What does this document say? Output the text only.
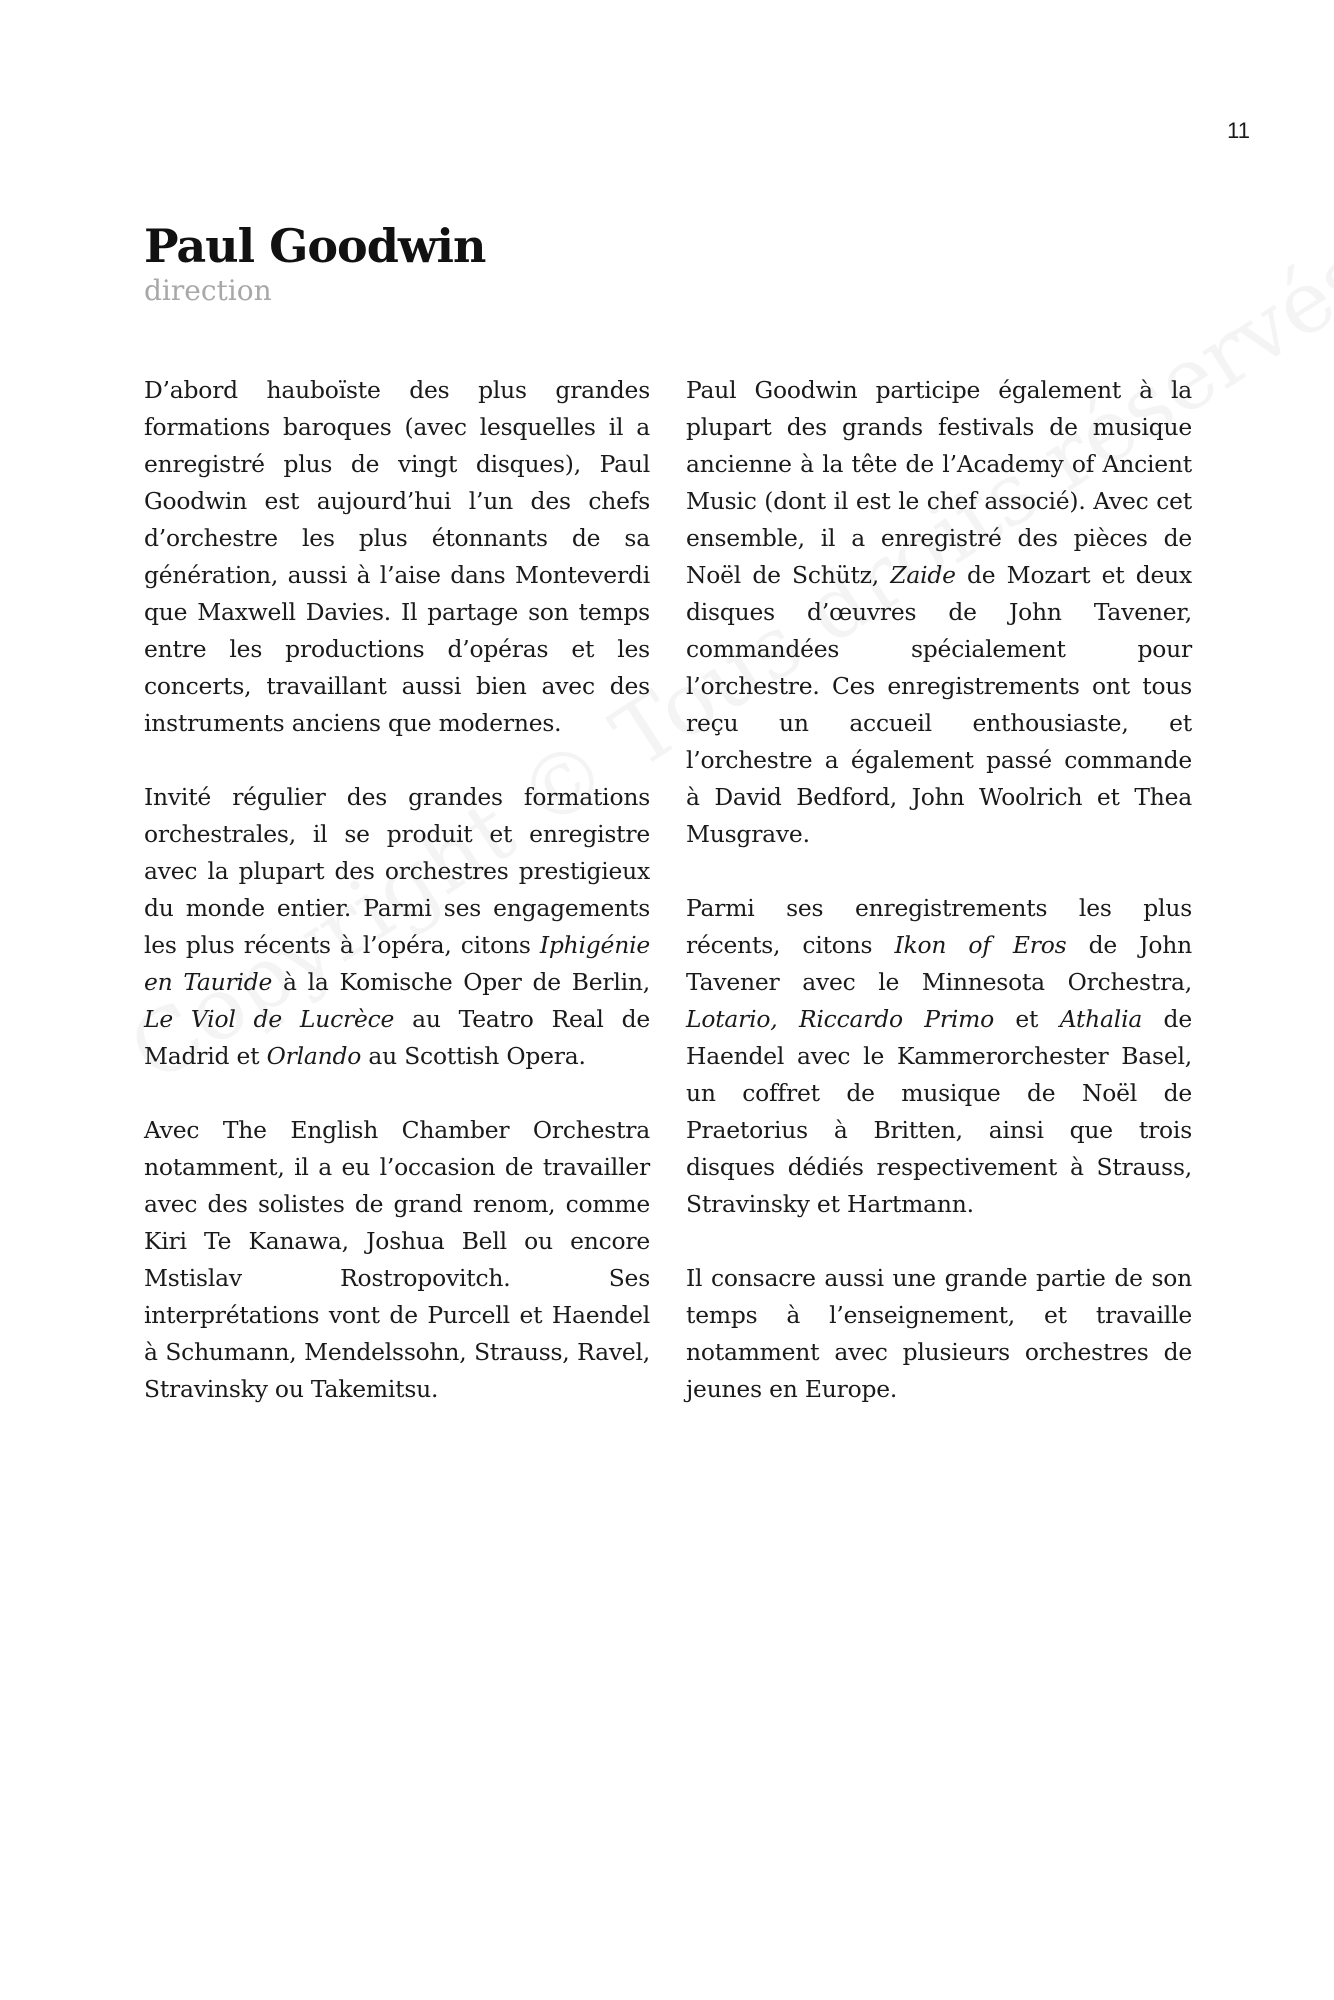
11
Paul Goodwin

direction

D’abord hauboïste des plus grandes formations baroques (avec lesquelles il a enregistré plus de vingt disques), Paul Goodwin est aujourd’hui l’un des chefs d’orchestre les plus étonnants de sa génération, aussi à l’aise dans Monteverdi que Maxwell Davies. Il partage son temps entre les productions d’opéras et les concerts, travaillant aussi bien avec des instruments anciens que modernes.

Invité régulier des grandes formations orchestrales, il se produit et enregistre avec la plupart des orchestres prestigieux du monde entier. Parmi ses engagements les plus récents à l’opéra, citons Iphigénie en Tauride à la Komische Oper de Berlin, Le Viol de Lucrèce au Teatro Real de Madrid et Orlando au Scottish Opera.

Avec The English Chamber Orchestra notamment, il a eu l’occasion de travailler avec des solistes de grand renom, comme Kiri Te Kanawa, Joshua Bell ou encore Mstislav Rostropovitch. Ses interprétations vont de Purcell et Haendel à Schumann, Mendelssohn, Strauss, Ravel, Stravinsky ou Takemitsu.

Paul Goodwin participe également à la plupart des grands festivals de musique ancienne à la tête de l’Academy of Ancient Music (dont il est le chef associé). Avec cet ensemble, il a enregistré des pièces de Noël de Schütz, Zaide de Mozart et deux disques d’œuvres de John Tavener, commandées spécialement pour l’orchestre. Ces enregistrements ont tous reçu un accueil enthousiaste, et l’orchestre a également passé commande à David Bedford, John Woolrich et Thea Musgrave.

Parmi ses enregistrements les plus récents, citons Ikon of Eros de John Tavener avec le Minnesota Orchestra, Lotario, Riccardo Primo et Athalia de Haendel avec le Kammerorchester Basel, un coffret de musique de Noël de Praetorius à Britten, ainsi que trois disques dédiés respectivement à Strauss, Stravinsky et Hartmann.

Il consacre aussi une grande partie de son temps à l’enseignement, et travaille notamment avec plusieurs orchestres de jeunes en Europe.
